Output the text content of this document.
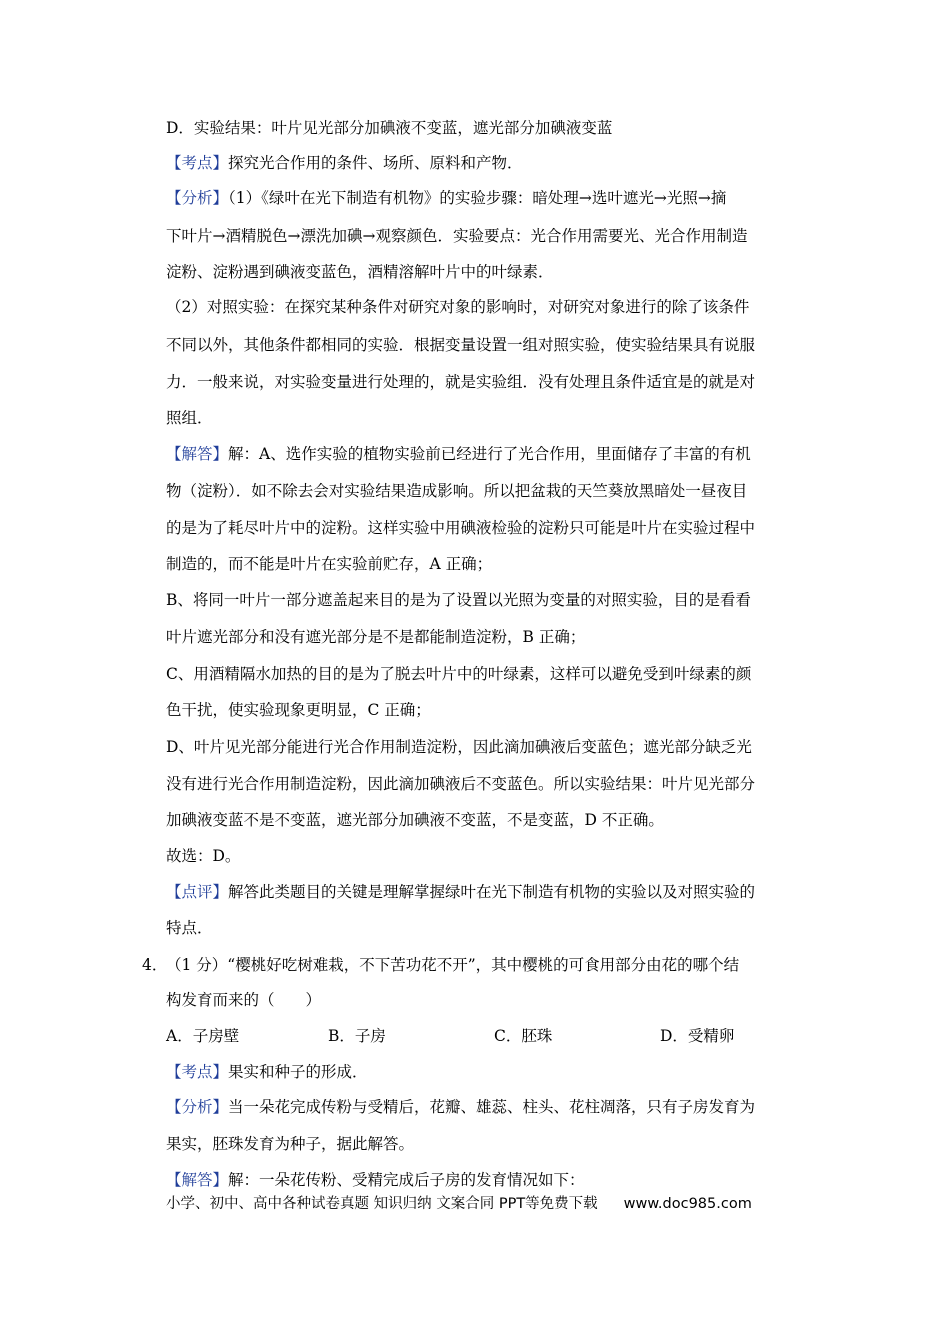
D．实验结果：叶片见光部分加碘液不变蓝，遮光部分加碘液变蓝
【考点】探究光合作用的条件、场所、原料和产物．
【分析】（1）《绿叶在光下制造有机物》的实验步骤：暗处理→选叶遮光→光照→摘
下叶片→酒精脱色→漂洗加碘→观察颜色．实验要点：光合作用需要光、光合作用制造
淀粉、淀粉遇到碘液变蓝色，酒精溶解叶片中的叶绿素．
（2）对照实验：在探究某种条件对研究对象的影响时，对研究对象进行的除了该条件
不同以外，其他条件都相同的实验．根据变量设置一组对照实验，使实验结果具有说服
力．一般来说，对实验变量进行处理的，就是实验组．没有处理且条件适宜是的就是对
照组．
【解答】解：A、选作实验的植物实验前已经进行了光合作用，里面储存了丰富的有机
物（淀粉）．如不除去会对实验结果造成影响。所以把盆栽的天竺葵放黑暗处一昼夜目
的是为了耗尽叶片中的淀粉。这样实验中用碘液检验的淀粉只可能是叶片在实验过程中
制造的，而不能是叶片在实验前贮存，A 正确；
B、将同一叶片一部分遮盖起来目的是为了设置以光照为变量的对照实验，目的是看看
叶片遮光部分和没有遮光部分是不是都能制造淀粉，B 正确；
C、用酒精隔水加热的目的是为了脱去叶片中的叶绿素，这样可以避免受到叶绿素的颜
色干扰，使实验现象更明显，C 正确；
D、叶片见光部分能进行光合作用制造淀粉，因此滴加碘液后变蓝色；遮光部分缺乏光
没有进行光合作用制造淀粉，因此滴加碘液后不变蓝色。所以实验结果：叶片见光部分
加碘液变蓝不是不变蓝，遮光部分加碘液不变蓝，不是变蓝，D 不正确。
故选：D。
【点评】解答此类题目的关键是理解掌握绿叶在光下制造有机物的实验以及对照实验的
特点．
4．
（1 分）“樱桃好吃树难栽，不下苦功花不开”，其中樱桃的可食用部分由花的哪个结
构发育而来的（　　）
A．子房壁	B．子房	C．胚珠	D．受精卵
【考点】果实和种子的形成．
【分析】当一朵花完成传粉与受精后，花瓣、雄蕊、柱头、花柱凋落，只有子房发育为
果实，胚珠发育为种子，据此解答。
【解答】解：一朵花传粉、受精完成后子房的发育情况如下：
小学、初中、高中各种试卷真题 知识归纳 文案合同 PPT等免费下载 www.doc985.com
